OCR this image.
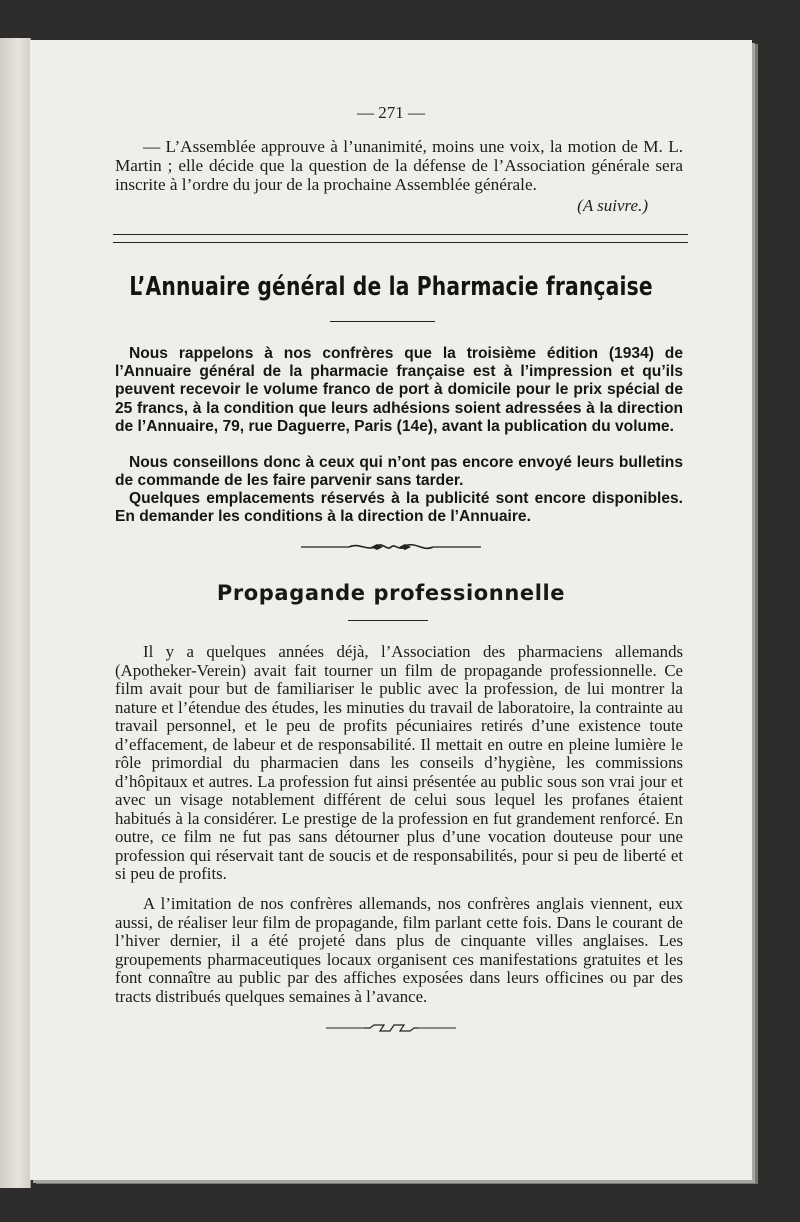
— 271 —

— L’Assemblée approuve à l’unanimité, moins une voix, la motion de M. L. Martin ; elle décide que la question de la défense de l’Association générale sera inscrite à l’ordre du jour de la prochaine Assemblée générale.

(A suivre.)
L’Annuaire général de la Pharmacie française

Nous rappelons à nos confrères que la troisième édition (1934) de l’Annuaire général de la pharmacie française est à l’impression et qu’ils peuvent recevoir le volume franco de port à domicile pour le prix spécial de 25 francs, à la condition que leurs adhésions soient adressées à la direction de l’Annuaire, 79, rue Daguerre, Paris (14e), avant la publication du volume.

Nous conseillons donc à ceux qui n’ont pas encore envoyé leurs bulletins de commande de les faire parvenir sans tarder.

Quelques emplacements réservés à la publicité sont encore disponibles. En demander les conditions à la direction de l’Annuaire.

Propagande professionnelle

Il y a quelques années déjà, l’Association des pharmaciens allemands (Apotheker-Verein) avait fait tourner un film de propagande professionnelle. Ce film avait pour but de familiariser le public avec la profession, de lui montrer la nature et l’étendue des études, les minuties du travail de laboratoire, la contrainte au travail personnel, et le peu de profits pécuniaires retirés d’une existence toute d’effacement, de labeur et de responsabilité. Il mettait en outre en pleine lumière le rôle primordial du pharmacien dans les conseils d’hygiène, les commissions d’hôpitaux et autres. La profession fut ainsi présentée au public sous son vrai jour et avec un visage notablement différent de celui sous lequel les profanes étaient habitués à la considérer. Le prestige de la profession en fut grandement renforcé. En outre, ce film ne fut pas sans détourner plus d’une vocation douteuse pour une profession qui réservait tant de soucis et de responsabilités, pour si peu de liberté et si peu de profits.

A l’imitation de nos confrères allemands, nos confrères anglais viennent, eux aussi, de réaliser leur film de propagande, film parlant cette fois. Dans le courant de l’hiver dernier, il a été projeté dans plus de cinquante villes anglaises. Les groupements pharmaceutiques locaux organisent ces manifestations gratuites et les font connaître au public par des affiches exposées dans leurs officines ou par des tracts distribués quelques semaines à l’avance.
